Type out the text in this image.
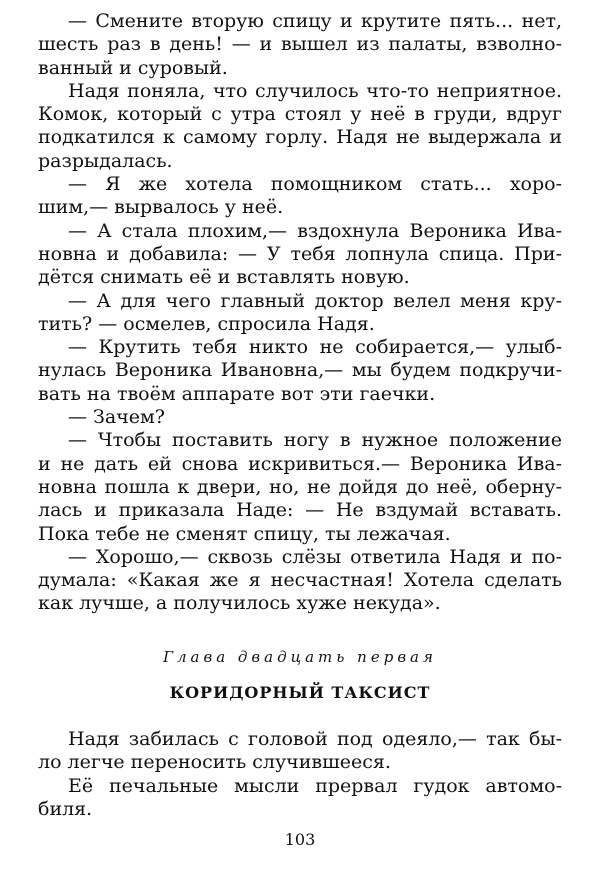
— Смените вторую спицу и крутите пять... нет,
шесть раз в день! — и вышел из палаты, взволно-
ванный и суровый.

Надя поняла, что случилось что-то неприятное.
Комок, который с утра стоял у неё в груди, вдруг
подкатился к самому горлу. Надя не выдержала и
разрыдалась.

— Я же хотела помощником стать... хоро-
шим,— вырвалось у неё.

— А стала плохим,— вздохнула Вероника Ива-
новна и добавила: — У тебя лопнула спица. При-
дётся снимать её и вставлять новую.

— А для чего главный доктор велел меня кру-
тить? — осмелев, спросила Надя.

— Крутить тебя никто не собирается,— улыб-
нулась Вероника Ивановна,— мы будем подкручи-
вать на твоём аппарате вот эти гаечки.

— Зачем?

— Чтобы поставить ногу в нужное положение
и не дать ей снова искривиться.— Вероника Ива-
новна пошла к двери, но, не дойдя до неё, оберну-
лась и приказала Наде: — Не вздумай вставать.
Пока тебе не сменят спицу, ты лежачая.

— Хорошо,— сквозь слёзы ответила Надя и по-
думала: «Какая же я несчастная! Хотела сделать
как лучше, а получилось хуже некуда».

Глава двадцать первая
КОРИДОРНЫЙ ТАКСИСТ

Надя забилась с головой под одеяло,— так бы-
ло легче переносить случившееся.

Её печальные мысли прервал гудок автомо-
биля.

103
